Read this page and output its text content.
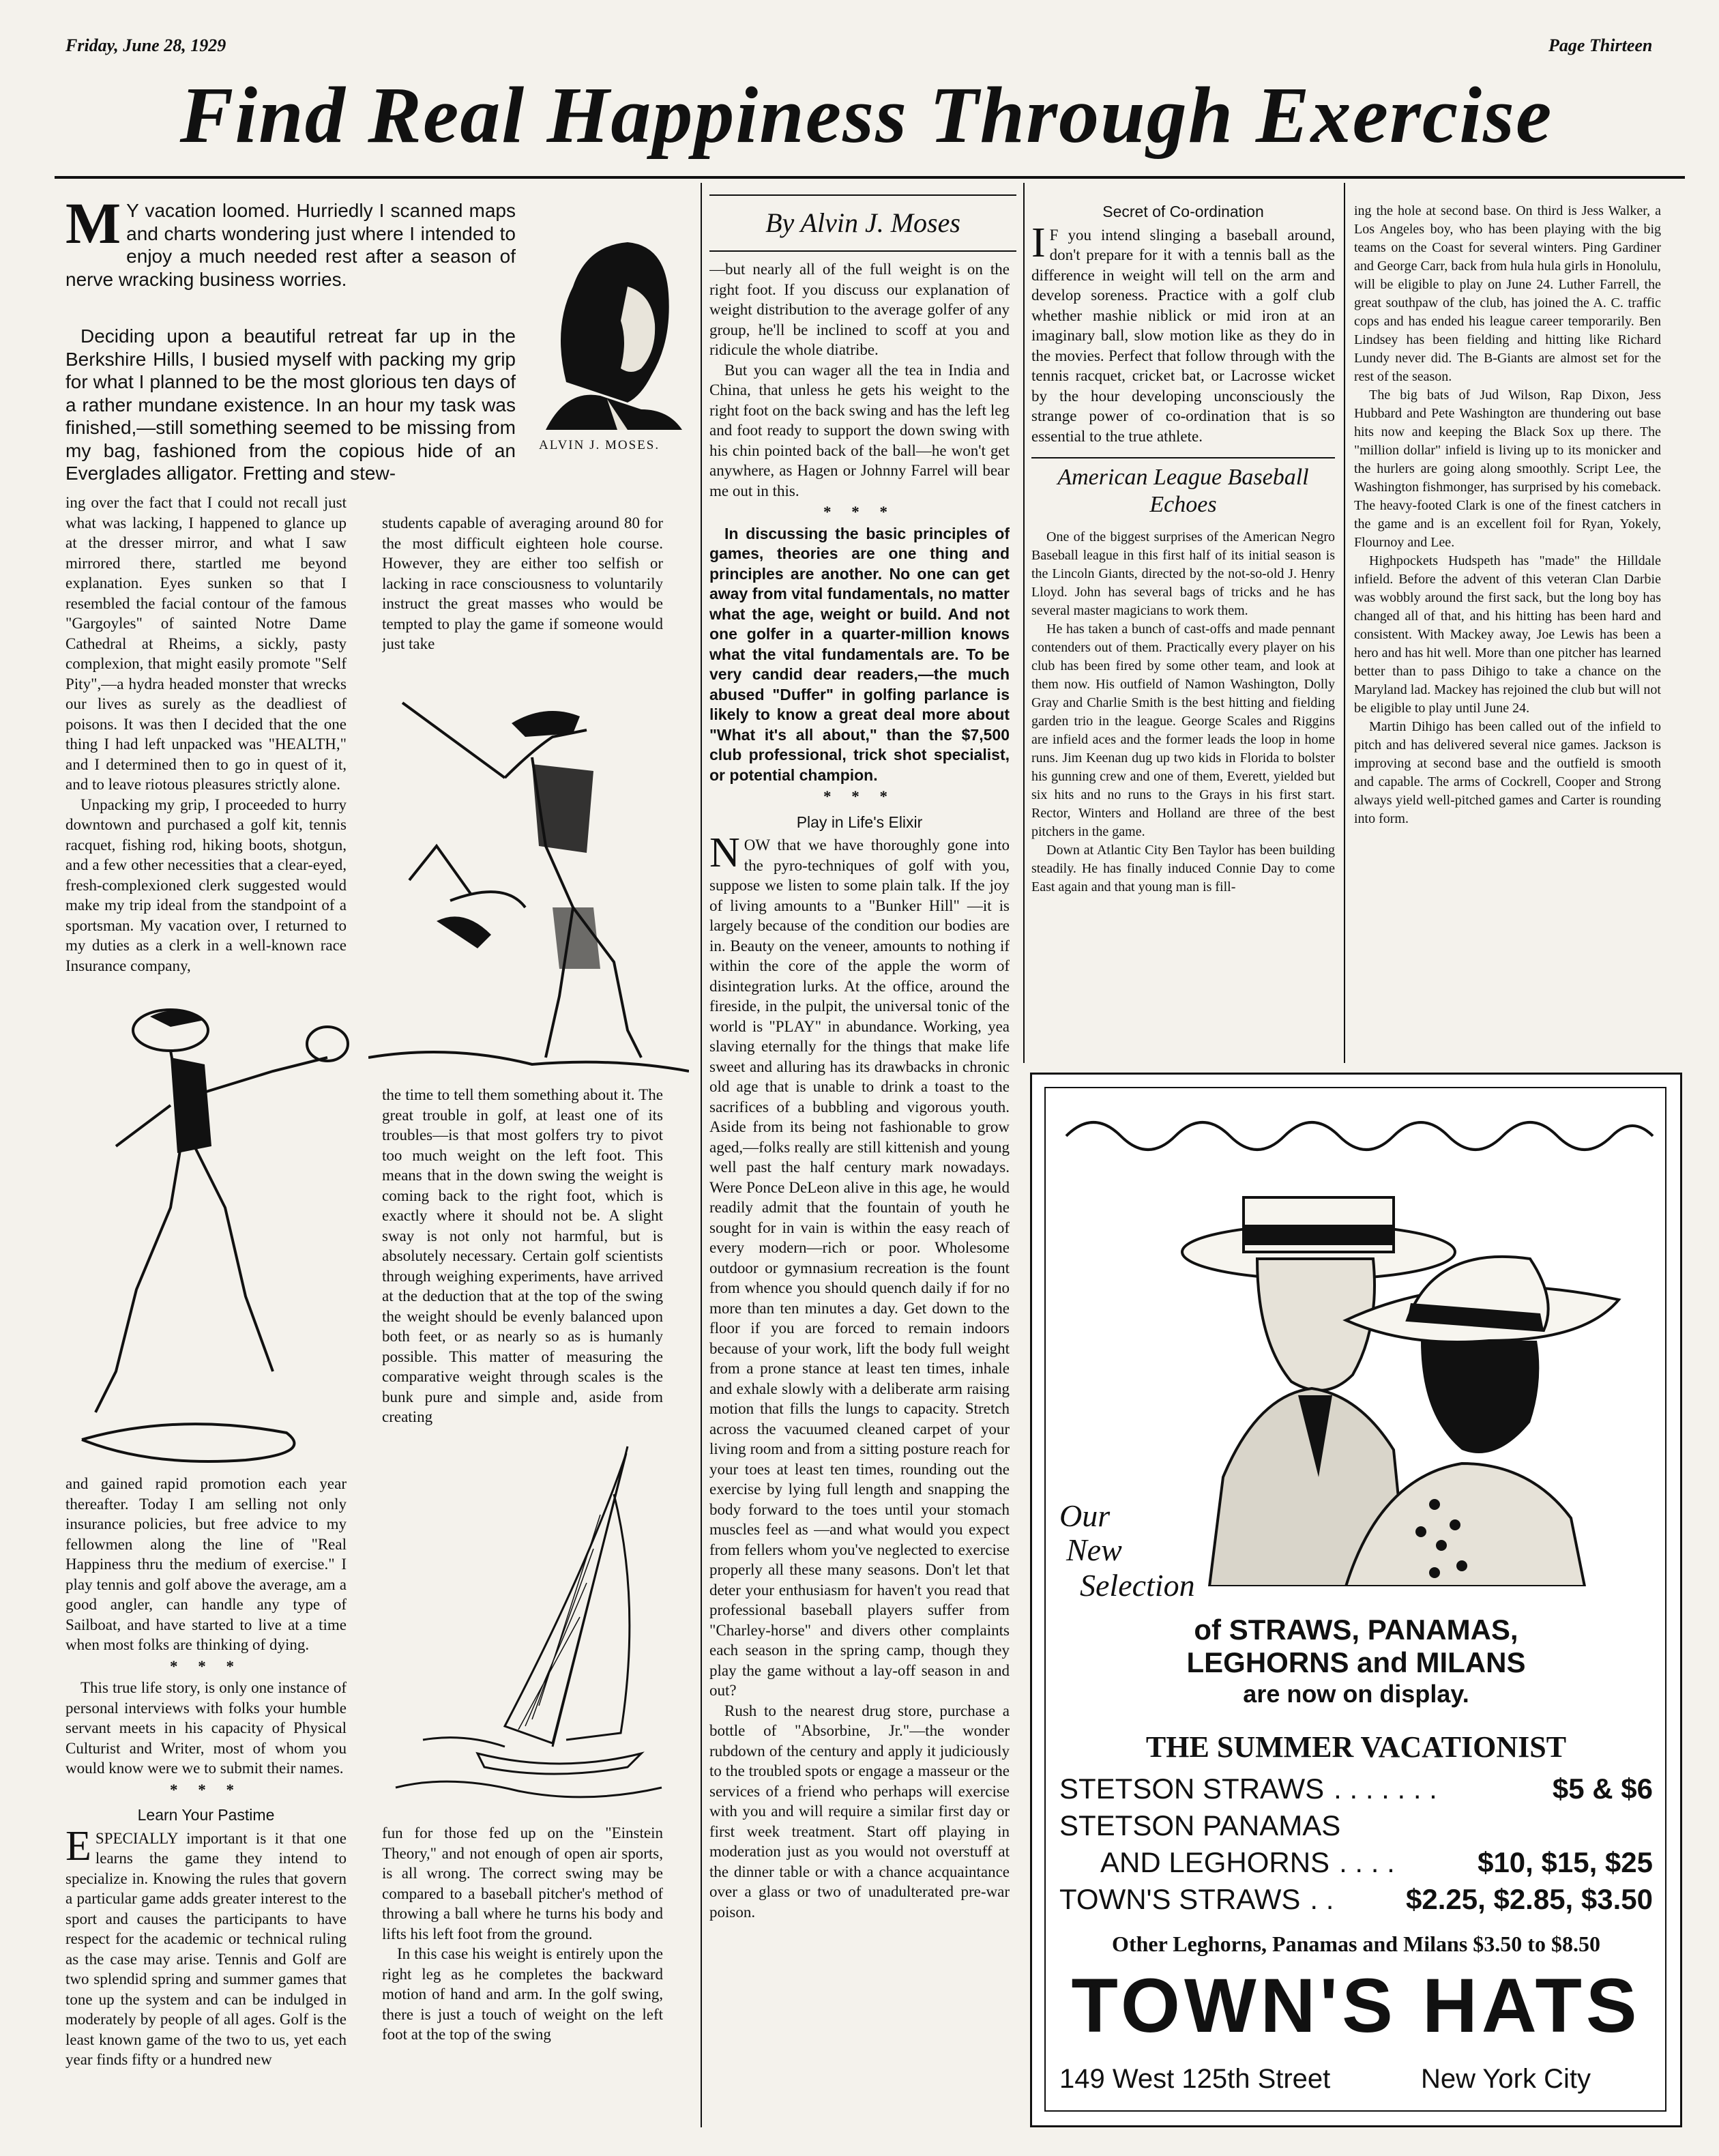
Friday, June 28, 1929	Page Thirteen
Find Real Happiness Through Exercise
M Y vacation loomed. Hurriedly I scanned maps and charts wondering just where I intended to enjoy a much needed rest after a season of nerve wracking business worries.

Deciding upon a beautiful retreat far up in the Berkshire Hills, I busied myself with packing my grip for what I planned to be the most glorious ten days of a rather mundane existence. In an hour my task was finished,—still something seemed to be missing from my bag, fashioned from the copious hide of an Everglades alligator. Fretting and stew-

ALVIN J. MOSES.

ing over the fact that I could not recall just what was lacking, I happened to glance up at the dresser mirror, and what I saw mirrored there, startled me beyond explanation. Eyes sunken so that I resembled the facial contour of the famous "Gargoyles" of sainted Notre Dame Cathedral at Rheims, a sickly, pasty complexion, that might easily promote "Self Pity",—a hydra headed monster that wrecks our lives as surely as the deadliest of poisons. It was then I decided that the one thing I had left unpacked was "HEALTH," and I determined then to go in quest of it, and to leave riotous pleasures strictly alone.

Unpacking my grip, I proceeded to hurry downtown and purchased a golf kit, tennis racquet, fishing rod, hiking boots, shotgun, and a few other necessities that a clear-eyed, fresh-complexioned clerk suggested would make my trip ideal from the standpoint of a sportsman. My vacation over, I returned to my duties as a clerk in a well-known race Insurance company,

and gained rapid promotion each year thereafter. Today I am selling not only insurance policies, but free advice to my fellowmen along the line of "Real Happiness thru the medium of exercise." I play tennis and golf above the average, am a good angler, can handle any type of Sailboat, and have started to live at a time when most folks are thinking of dying.

* * *

This true life story, is only one instance of personal interviews with folks your humble servant meets in his capacity of Physical Culturist and Writer, most of whom you would know were we to submit their names.

* * *
Learn Your Pastime
E SPECIALLY important is it that one learns the game they intend to specialize in. Knowing the rules that govern a particular game adds greater interest to the sport and causes the participants to have respect for the academic or technical ruling as the case may arise. Tennis and Golf are two splendid spring and summer games that tone up the system and can be indulged in moderately by people of all ages. Golf is the least known game of the two to us, yet each year finds fifty or a hundred new

students capable of averaging around 80 for the most difficult eighteen hole course. However, they are either too selfish or lacking in race consciousness to voluntarily instruct the great masses who would be tempted to play the game if someone would just take

the time to tell them something about it. The great trouble in golf, at least one of its troubles—is that most golfers try to pivot too much weight on the left foot. This means that in the down swing the weight is coming back to the right foot, which is exactly where it should not be. A slight sway is not only not harmful, but is absolutely necessary. Certain golf scientists through weighing experiments, have arrived at the deduction that at the top of the swing the weight should be evenly balanced upon both feet, or as nearly so as is humanly possible. This matter of measuring the comparative weight through scales is the bunk pure and simple and, aside from creating

fun for those fed up on the "Einstein Theory," and not enough of open air sports, is all wrong. The correct swing may be compared to a baseball pitcher's method of throwing a ball where he turns his body and lifts his left foot from the ground.

In this case his weight is entirely upon the right leg as he completes the backward motion of hand and arm. In the golf swing, there is just a touch of weight on the left foot at the top of the swing

By Alvin J. Moses

—but nearly all of the full weight is on the right foot. If you discuss our explanation of weight distribution to the average golfer of any group, he'll be inclined to scoff at you and ridicule the whole diatribe.

But you can wager all the tea in India and China, that unless he gets his weight to the right foot on the back swing and has the left leg and foot ready to support the down swing with his chin pointed back of the ball—he won't get anywhere, as Hagen or Johnny Farrel will bear me out in this.

* * *

In discussing the basic principles of games, theories are one thing and principles are another. No one can get away from vital fundamentals, no matter what the age, weight or build. And not one golfer in a quarter-million knows what the vital fundamentals are. To be very candid dear readers,—the much abused "Duffer" in golfing parlance is likely to know a great deal more about "What it's all about," than the $7,500 club professional, trick shot specialist, or potential champion.

* * *
Play in Life's Elixir
N OW that we have thoroughly gone into the pyro-techniques of golf with you, suppose we listen to some plain talk. If the joy of living amounts to a "Bunker Hill" —it is largely because of the condition our bodies are in. Beauty on the veneer, amounts to nothing if within the core of the apple the worm of disintegration lurks. At the office, around the fireside, in the pulpit, the universal tonic of the world is "PLAY" in abundance. Working, yea slaving eternally for the things that make life sweet and alluring has its drawbacks in chronic old age that is unable to drink a toast to the sacrifices of a bubbling and vigorous youth. Aside from its being not fashionable to grow aged,—folks really are still kittenish and young well past the half century mark nowadays. Were Ponce DeLeon alive in this age, he would readily admit that the fountain of youth he sought for in vain is within the easy reach of every modern—rich or poor. Wholesome outdoor or gymnasium recreation is the fount from whence you should quench daily if for no more than ten minutes a day. Get down to the floor if you are forced to remain indoors because of your work, lift the body full weight from a prone stance at least ten times, inhale and exhale slowly with a deliberate arm raising motion that fills the lungs to capacity. Stretch across the vacuumed cleaned carpet of your living room and from a sitting posture reach for your toes at least ten times, rounding out the exercise by lying full length and snapping the body forward to the toes until your stomach muscles feel as —and what would you expect from fellers whom you've neglected to exercise properly all these many seasons. Don't let that deter your enthusiasm for haven't you read that professional baseball players suffer from "Charley-horse" and divers other complaints each season in the spring camp, though they play the game without a lay-off season in and out?

Rush to the nearest drug store, purchase a bottle of "Absorbine, Jr."—the wonder rubdown of the century and apply it judiciously to the troubled spots or engage a masseur or the services of a friend who perhaps will exercise with you and will require a similar first day or first week treatment. Start off playing in moderation just as you would not overstuff at the dinner table or with a chance acquaintance over a glass or two of unadulterated pre-war poison.

Secret of Co-ordination
I F you intend slinging a baseball around, don't prepare for it with a tennis ball as the difference in weight will tell on the arm and develop soreness. Practice with a golf club whether mashie niblick or mid iron at an imaginary ball, slow motion like as they do in the movies. Perfect that follow through with the tennis racquet, cricket bat, or Lacrosse wicket by the hour developing unconsciously the strange power of co-ordination that is so essential to the true athlete.
American League Baseball Echoes

One of the biggest surprises of the American Negro Baseball league in this first half of its initial season is the Lincoln Giants, directed by the not-so-old J. Henry Lloyd. John has several bags of tricks and he has several master magicians to work them.

He has taken a bunch of cast-offs and made pennant contenders out of them. Practically every player on his club has been fired by some other team, and look at them now. His outfield of Namon Washington, Dolly Gray and Charlie Smith is the best hitting and fielding garden trio in the league. George Scales and Riggins are infield aces and the former leads the loop in home runs. Jim Keenan dug up two kids in Florida to bolster his gunning crew and one of them, Everett, yielded but six hits and no runs to the Grays in his first start. Rector, Winters and Holland are three of the best pitchers in the game.

Down at Atlantic City Ben Taylor has been building steadily. He has finally induced Connie Day to come East again and that young man is fill-

ing the hole at second base. On third is Jess Walker, a Los Angeles boy, who has been playing with the big teams on the Coast for several winters. Ping Gardiner and George Carr, back from hula hula girls in Honolulu, will be eligible to play on June 24. Luther Farrell, the great southpaw of the club, has joined the A. C. traffic cops and has ended his league career temporarily. Ben Lindsey has been fielding and hitting like Richard Lundy never did. The B-Giants are almost set for the rest of the season.

The big bats of Jud Wilson, Rap Dixon, Jess Hubbard and Pete Washington are thundering out base hits now and keeping the Black Sox up there. The "million dollar" infield is living up to its monicker and the hurlers are going along smoothly. Script Lee, the Washington fishmonger, has surprised by his comeback. The heavy-footed Clark is one of the finest catchers in the game and is an excellent foil for Ryan, Yokely, Flournoy and Lee.

Highpockets Hudspeth has "made" the Hilldale infield. Before the advent of this veteran Clan Darbie was wobbly around the first sack, but the long boy has changed all of that, and his hitting has been hard and consistent. With Mackey away, Joe Lewis has been a hero and has hit well. More than one pitcher has learned better than to pass Dihigo to take a chance on the Maryland lad. Mackey has rejoined the club but will not be eligible to play until June 24.

Martin Dihigo has been called out of the infield to pitch and has delivered several nice games. Jackson is improving at second base and the outfield is smooth and capable. The arms of Cockrell, Cooper and Strong always yield well-pitched games and Carter is rounding into form.

Our
New
Selection
of STRAWS, PANAMAS,
LEGHORNS and MILANS
are now on display.
THE SUMMER VACATIONIST
STETSON STRAWS . . . . . . .	$5 & $6
STETSON PANAMAS
AND LEGHORNS . . . .	$10, $15, $25
TOWN'S STRAWS . .	$2.25, $2.85, $3.50
Other Leghorns, Panamas and Milans $3.50 to $8.50
TOWN'S HATS
149 West 125th Street	New York City
